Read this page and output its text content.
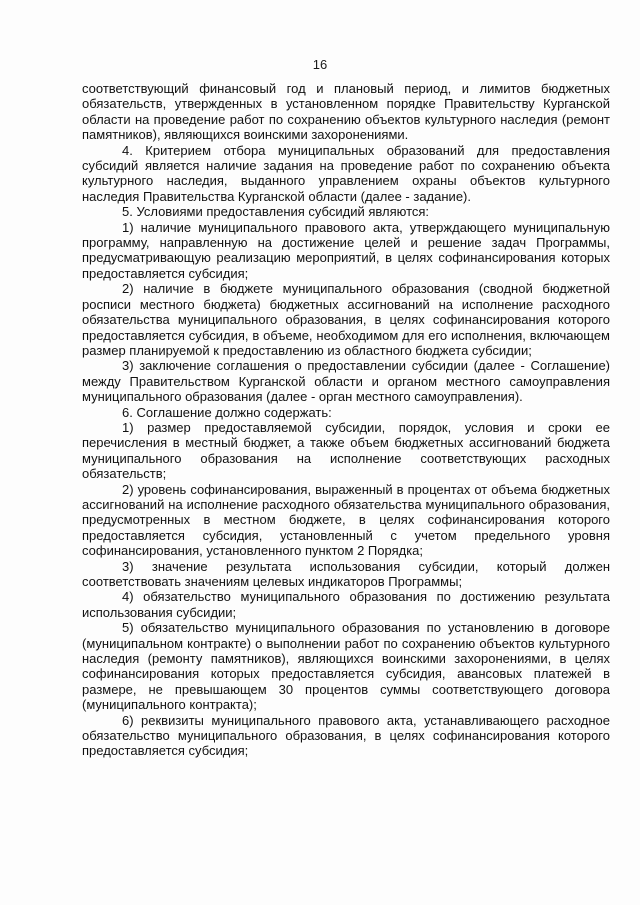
16

соответствующий финансовый год и плановый период, и лимитов бюджетных обязательств, утвержденных в установленном порядке Правительству Курганской области на проведение работ по сохранению объектов культурного наследия (ремонт памятников), являющихся воинскими захоронениями.

4. Критерием отбора муниципальных образований для предоставления субсидий является наличие задания на проведение работ по сохранению объекта культурного наследия, выданного управлением охраны объектов культурного наследия Правительства Курганской области (далее - задание).

5. Условиями предоставления субсидий являются:

1) наличие муниципального правового акта, утверждающего муниципальную программу, направленную на достижение целей и решение задач Программы, предусматривающую реализацию мероприятий, в целях софинансирования которых предоставляется субсидия;

2) наличие в бюджете муниципального образования (сводной бюджетной росписи местного бюджета) бюджетных ассигнований на исполнение расходного обязательства муниципального образования, в целях софинансирования которого предоставляется субсидия, в объеме, необходимом для его исполнения, включающем размер планируемой к предоставлению из областного бюджета субсидии;

3) заключение соглашения о предоставлении субсидии (далее - Соглашение) между Правительством Курганской области и органом местного самоуправления муниципального образования (далее - орган местного самоуправления).

6. Соглашение должно содержать:

1) размер предоставляемой субсидии, порядок, условия и сроки ее перечисления в местный бюджет, а также объем бюджетных ассигнований бюджета муниципального образования на исполнение соответствующих расходных обязательств;

2) уровень софинансирования, выраженный в процентах от объема бюджетных ассигнований на исполнение расходного обязательства муниципального образования, предусмотренных в местном бюджете, в целях софинансирования которого предоставляется субсидия, установленный с учетом предельного уровня софинансирования, установленного пунктом 2 Порядка;

3) значение результата использования субсидии, который должен соответствовать значениям целевых индикаторов Программы;

4) обязательство муниципального образования по достижению результата использования субсидии;

5) обязательство муниципального образования по установлению в договоре (муниципальном контракте) о выполнении работ по сохранению объектов культурного наследия (ремонту памятников), являющихся воинскими захоронениями, в целях софинансирования которых предоставляется субсидия, авансовых платежей в размере, не превышающем 30 процентов суммы соответствующего договора (муниципального контракта);

6) реквизиты муниципального правового акта, устанавливающего расходное обязательство муниципального образования, в целях софинансирования которого предоставляется субсидия;
